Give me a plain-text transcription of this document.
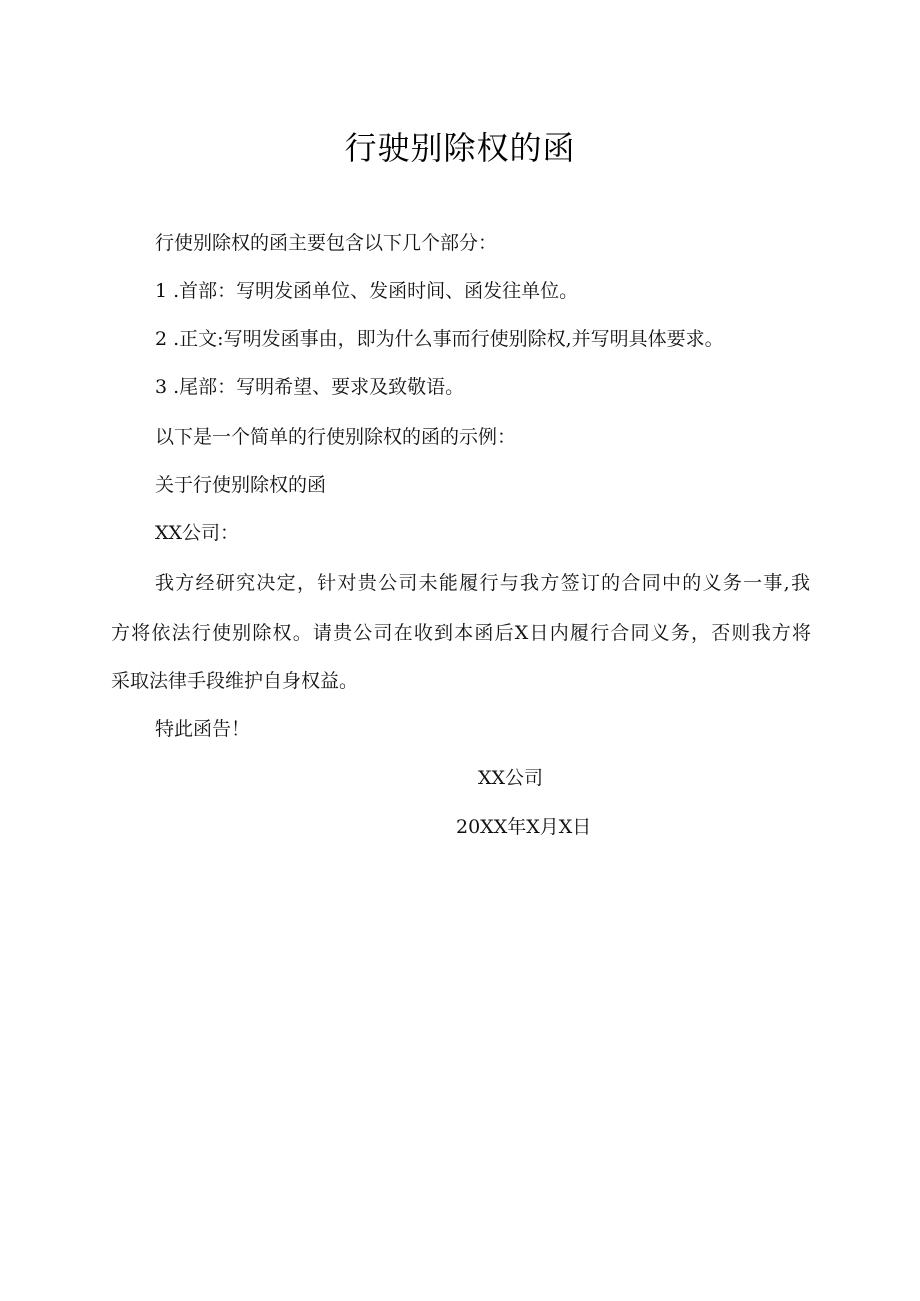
行驶别除权的函
行使别除权的函主要包含以下几个部分：
1 .首部：写明发函单位、发函时间、函发往单位。
2 .正文:写明发函事由，即为什么事而行使别除权,并写明具体要求。
3 .尾部：写明希望、要求及致敬语。
以下是一个简单的行使别除权的函的示例：
关于行使别除权的函
XX公司：
我方经研究决定，针对贵公司未能履行与我方签订的合同中的义务一事,我
方将依法行使别除权。请贵公司在收到本函后X日内履行合同义务，否则我方将
采取法律手段维护自身权益。
特此函告！
XX公司
20XX年X月X日
